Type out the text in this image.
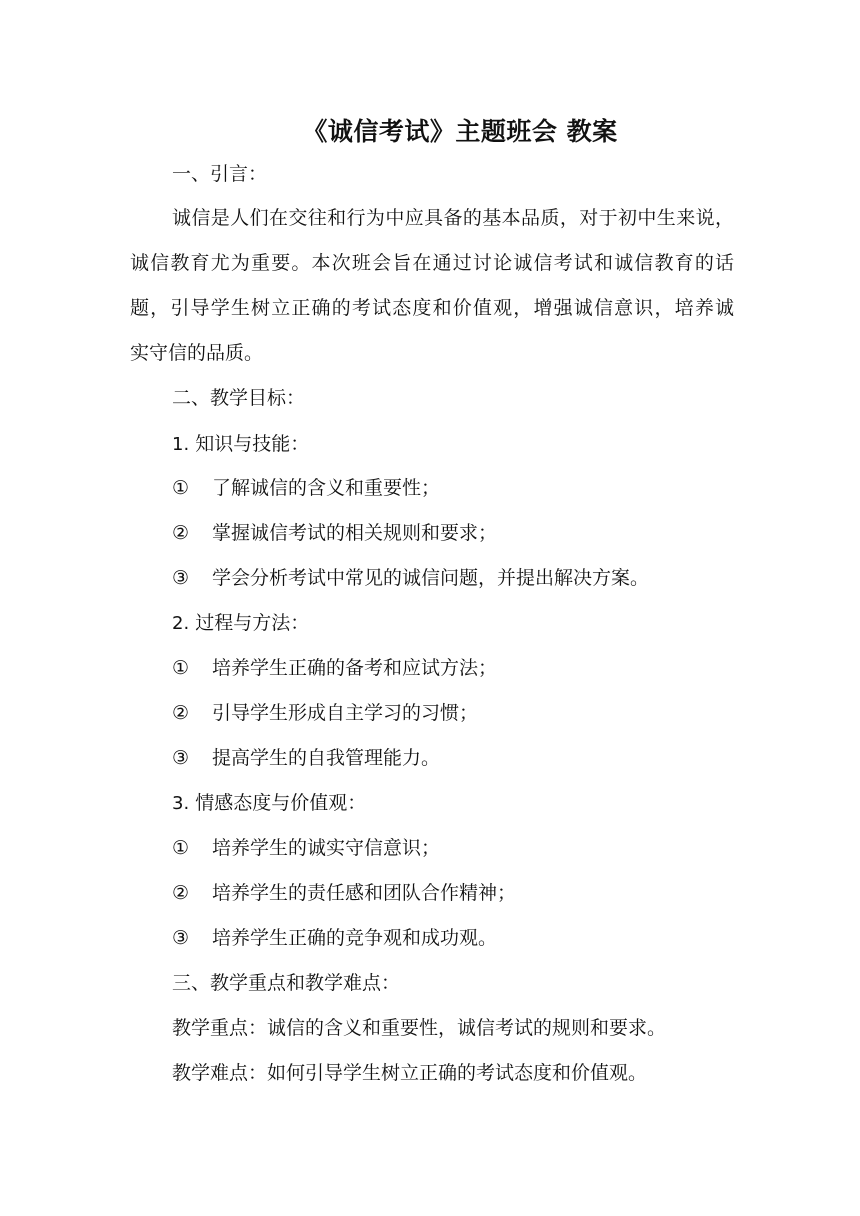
《诚信考试》主题班会 教案
一、引言：
诚信是人们在交往和行为中应具备的基本品质，对于初中生来说，
诚信教育尤为重要。本次班会旨在通过讨论诚信考试和诚信教育的话
题，引导学生树立正确的考试态度和价值观，增强诚信意识，培养诚
实守信的品质。
二、教学目标：
1. 知识与技能：
① 了解诚信的含义和重要性；
② 掌握诚信考试的相关规则和要求；
③ 学会分析考试中常见的诚信问题，并提出解决方案。
2. 过程与方法：
① 培养学生正确的备考和应试方法；
② 引导学生形成自主学习的习惯；
③ 提高学生的自我管理能力。
3. 情感态度与价值观：
① 培养学生的诚实守信意识；
② 培养学生的责任感和团队合作精神；
③ 培养学生正确的竞争观和成功观。
三、教学重点和教学难点：
教学重点：诚信的含义和重要性，诚信考试的规则和要求。
教学难点：如何引导学生树立正确的考试态度和价值观。
